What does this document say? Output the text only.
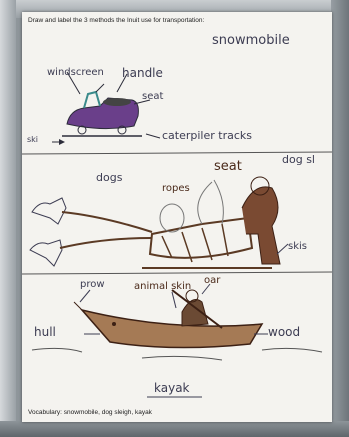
Draw and label the 3 methods the Inuit use for transportation:
snowmobile
windscreen handle
seat
ski	caterpiler tracks
dog sl
dogs
ropes
seat
skis
prow	animal skin
oar
hull	wood
kayak
Vocabulary: snowmobile, dog sleigh, kayak
